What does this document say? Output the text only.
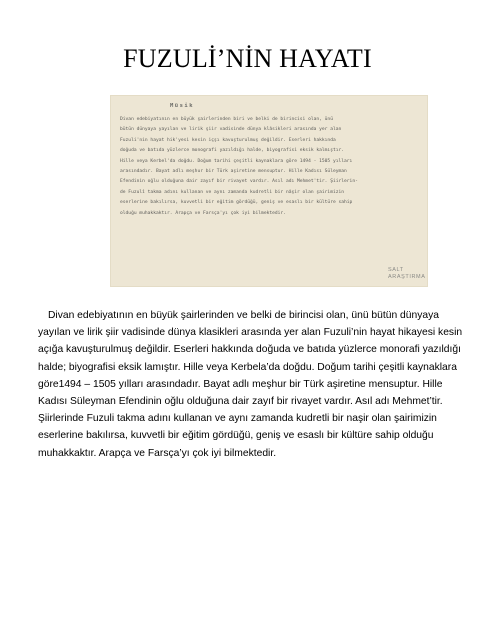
FUZULİ’NİN HAYATI
Müsik
Divan edebiyatının en büyük şairlerinden biri ve belki de birincisi olan, ünü
bütün dünyaya yayılan ve lirik şiir vadisinde dünya klâsikleri arasında yer alan
Fuzuli'nin hayat hik'yesi kesin içşı kavuşturulmuş değildir. Eserleri hakkında
doğuda ve batıda yüzlerce monografi yazıldığı halde, biyografisi eksik kalmıştır.
Hille veya Kerbel'da doğdu. Doğum tarihi çeşitli kaynaklara göre 1494 - 1505 yılları
arasındadır. Bayat adlı meşhur bir Türk aşiretine mensuptur. Hille Kadısı Süleyman
Efendinin oğlu olduğuna dair zayıf bir rivayet vardır. Asıl adı Mehmet'tir. Şiirlerin-
de Fuzulî takma adını kullanan ve aynı zamanda kudretli bir nâşir olan şairimizin
eserlerine bakılırsa, kuvvetli bir eğitim gördüğü, geniş ve esaslı bir kültüre sahip
olduğu muhakkaktır. Arapça ve Farsça'yı çok iyi bilmektedir.
SALT
ARAŞTIRMA

Divan edebiyatının en büyük şairlerinden ve belki de birincisi olan, ünü bütün dünyaya
yayılan ve lirik şiir vadisinde dünya klasikleri arasında yer alan Fuzuli’nin hayat hikayesi kesin
açığa kavuşturulmuş değildir. Eserleri hakkında doğuda ve batıda yüzlerce monorafi yazıldığı
halde; biyografisi eksik lamıştır. Hille veya Kerbela’da doğdu. Doğum tarihi çeşitli kaynaklara
göre1494 – 1505 yılları arasındadır. Bayat adlı meşhur bir Türk aşiretine mensuptur. Hille
Kadısı Süleyman Efendinin oğlu olduğuna dair zayıf bir rivayet vardır. Asıl adı Mehmet’tir.
Şiirlerinde Fuzuli takma adını kullanan ve aynı zamanda kudretli bir naşir olan şairimizin
eserlerine bakılırsa, kuvvetli bir eğitim gördüğü, geniş ve esaslı bir kültüre sahip olduğu
muhakkaktır. Arapça ve Farsça’yı çok iyi bilmektedir.
